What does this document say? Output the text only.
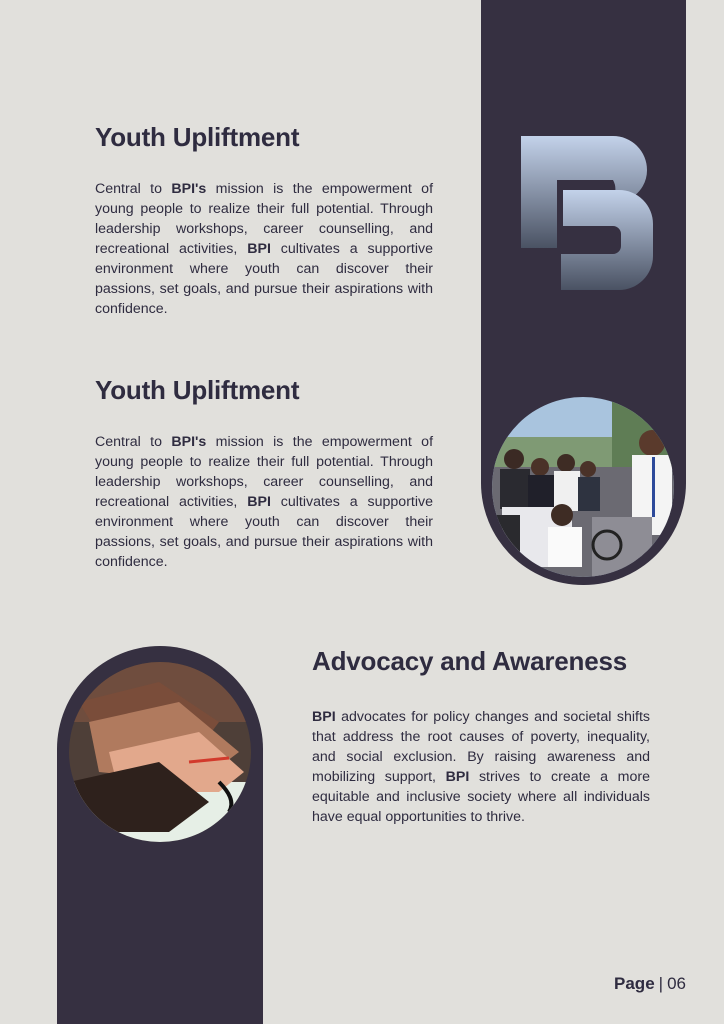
Youth Upliftment

Central to BPI's mission is the empowerment of young people to realize their full potential. Through leadership workshops, career counselling, and recreational activities, BPI cultivates a supportive environment where youth can discover their passions, set goals, and pursue their aspirations with confidence.

Youth Upliftment

Central to BPI's mission is the empowerment of young people to realize their full potential. Through leadership workshops, career counselling, and recreational activities, BPI cultivates a supportive environment where youth can discover their passions, set goals, and pursue their aspirations with confidence.

Advocacy and Awareness

BPI advocates for policy changes and societal shifts that address the root causes of poverty, inequality, and social exclusion. By raising awareness and mobilizing support, BPI strives to create a more equitable and inclusive society where all individuals have equal opportunities to thrive.

Page | 06
